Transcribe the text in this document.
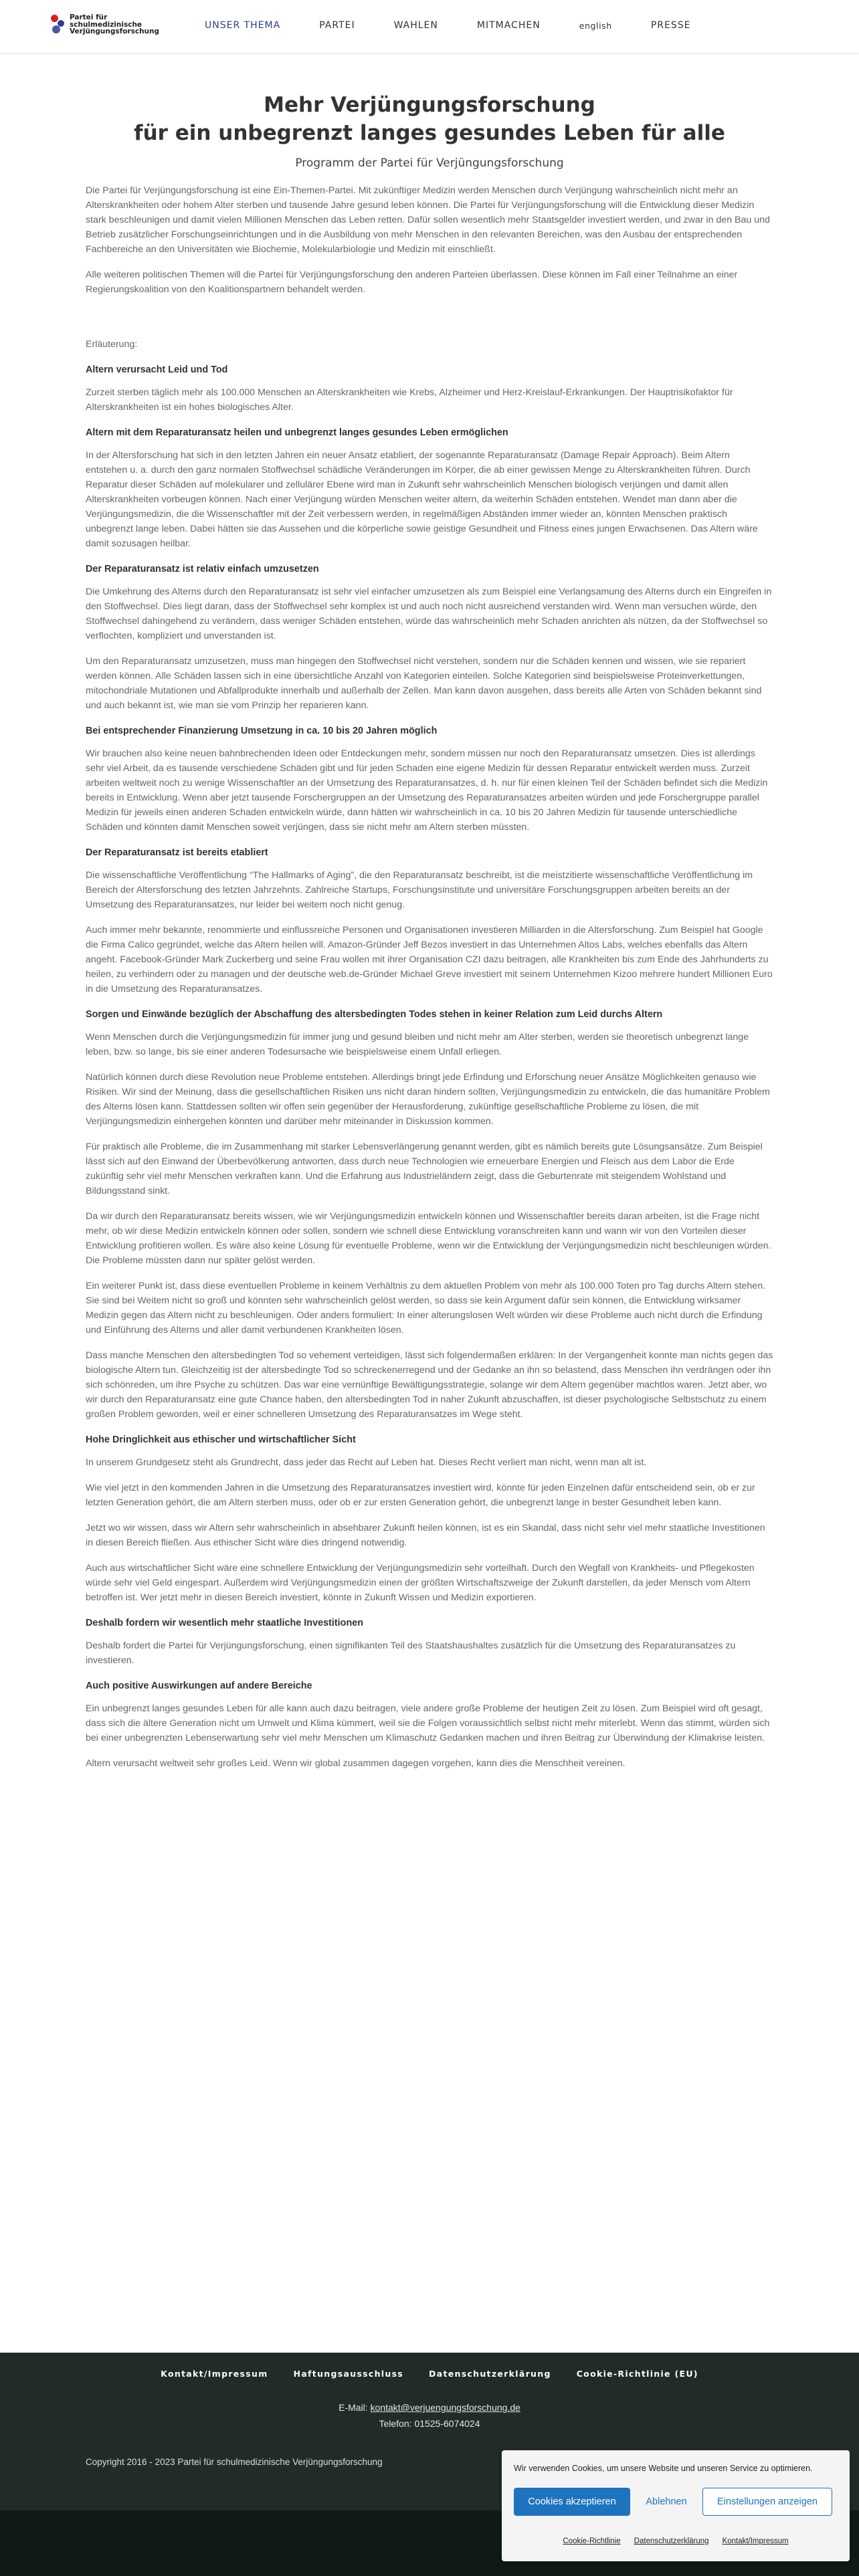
Partei für
schulmedizinische
Verjüngungsforschung
UNSER THEMA	PARTEI	WAHLEN	MITMACHEN	english	PRESSE
Mehr Verjüngungsforschung
für ein unbegrenzt langes gesundes Leben für alle
Programm der Partei für Verjüngungsforschung

Die Partei für Verjüngungsforschung ist eine Ein-Themen-Partei. Mit zukünftiger Medizin werden Menschen durch Verjüngung wahrscheinlich nicht mehr an Alterskrankheiten oder hohem Alter sterben und tausende Jahre gesund leben können. Die Partei für Verjüngungsforschung will die Entwicklung dieser Medizin stark beschleunigen und damit vielen Millionen Menschen das Leben retten. Dafür sollen wesentlich mehr Staatsgelder investiert werden, und zwar in den Bau und Betrieb zusätzlicher Forschungseinrichtungen und in die Ausbildung von mehr Menschen in den relevanten Bereichen, was den Ausbau der entsprechenden Fachbereiche an den Universitäten wie Biochemie, Molekularbiologie und Medizin mit einschließt.

Alle weiteren politischen Themen will die Partei für Verjüngungsforschung den anderen Parteien überlassen. Diese können im Fall einer Teilnahme an einer Regierungskoalition von den Koalitionspartnern behandelt werden.

Erläuterung:

Altern verursacht Leid und Tod

Zurzeit sterben täglich mehr als 100.000 Menschen an Alterskrankheiten wie Krebs, Alzheimer und Herz-Kreislauf-Erkrankungen. Der Hauptrisikofaktor für Alterskrankheiten ist ein hohes biologisches Alter.

Altern mit dem Reparaturansatz heilen und unbegrenzt langes gesundes Leben ermöglichen

In der Altersforschung hat sich in den letzten Jahren ein neuer Ansatz etabliert, der sogenannte Reparaturansatz (Damage Repair Approach). Beim Altern entstehen u. a. durch den ganz normalen Stoffwechsel schädliche Veränderungen im Körper, die ab einer gewissen Menge zu Alterskrankheiten führen. Durch Reparatur dieser Schäden auf molekularer und zellulärer Ebene wird man in Zukunft sehr wahrscheinlich Menschen biologisch verjüngen und damit allen Alterskrankheiten vorbeugen können. Nach einer Verjüngung würden Menschen weiter altern, da weiterhin Schäden entstehen. Wendet man dann aber die Verjüngungsmedizin, die die Wissenschaftler mit der Zeit verbessern werden, in regelmäßigen Abständen immer wieder an, könnten Menschen praktisch unbegrenzt lange leben. Dabei hätten sie das Aussehen und die körperliche sowie geistige Gesundheit und Fitness eines jungen Erwachsenen. Das Altern wäre damit sozusagen heilbar.

Der Reparaturansatz ist relativ einfach umzusetzen

Die Umkehrung des Alterns durch den Reparaturansatz ist sehr viel einfacher umzusetzen als zum Beispiel eine Verlangsamung des Alterns durch ein Eingreifen in den Stoffwechsel. Dies liegt daran, dass der Stoffwechsel sehr komplex ist und auch noch nicht ausreichend verstanden wird. Wenn man versuchen würde, den Stoffwechsel dahingehend zu verändern, dass weniger Schäden entstehen, würde das wahrscheinlich mehr Schaden anrichten als nützen, da der Stoffwechsel so verflochten, kompliziert und unverstanden ist.

Um den Reparaturansatz umzusetzen, muss man hingegen den Stoffwechsel nicht verstehen, sondern nur die Schäden kennen und wissen, wie sie repariert werden können. Alle Schäden lassen sich in eine übersichtliche Anzahl von Kategorien einteilen. Solche Kategorien sind beispielsweise Proteinverkettungen, mitochondriale Mutationen und Abfallprodukte innerhalb und außerhalb der Zellen. Man kann davon ausgehen, dass bereits alle Arten von Schäden bekannt sind und auch bekannt ist, wie man sie vom Prinzip her reparieren kann.

Bei entsprechender Finanzierung Umsetzung in ca. 10 bis 20 Jahren möglich

Wir brauchen also keine neuen bahnbrechenden Ideen oder Entdeckungen mehr, sondern müssen nur noch den Reparaturansatz umsetzen. Dies ist allerdings sehr viel Arbeit, da es tausende verschiedene Schäden gibt und für jeden Schaden eine eigene Medizin für dessen Reparatur entwickelt werden muss. Zurzeit arbeiten weltweit noch zu wenige Wissenschaftler an der Umsetzung des Reparaturansatzes, d. h. nur für einen kleinen Teil der Schäden befindet sich die Medizin bereits in Entwicklung. Wenn aber jetzt tausende Forschergruppen an der Umsetzung des Reparaturansatzes arbeiten würden und jede Forschergruppe parallel Medizin für jeweils einen anderen Schaden entwickeln würde, dann hätten wir wahrscheinlich in ca. 10 bis 20 Jahren Medizin für tausende unterschiedliche Schäden und könnten damit Menschen soweit verjüngen, dass sie nicht mehr am Altern sterben müssten.

Der Reparaturansatz ist bereits etabliert

Die wissenschaftliche Veröffentlichung “The Hallmarks of Aging”, die den Reparaturansatz beschreibt, ist die meistzitierte wissenschaftliche Veröffentlichung im Bereich der Altersforschung des letzten Jahrzehnts. Zahlreiche Startups, Forschungsinstitute und universitäre Forschungsgruppen arbeiten bereits an der Umsetzung des Reparaturansatzes, nur leider bei weitem noch nicht genug.

Auch immer mehr bekannte, renommierte und einflussreiche Personen und Organisationen investieren Milliarden in die Altersforschung. Zum Beispiel hat Google die Firma Calico gegründet, welche das Altern heilen will. Amazon-Gründer Jeff Bezos investiert in das Unternehmen Altos Labs, welches ebenfalls das Altern angeht. Facebook-Gründer Mark Zuckerberg und seine Frau wollen mit ihrer Organisation CZI dazu beitragen, alle Krankheiten bis zum Ende des Jahrhunderts zu heilen, zu verhindern oder zu managen und der deutsche web.de-Gründer Michael Greve investiert mit seinem Unternehmen Kizoo mehrere hundert Millionen Euro in die Umsetzung des Reparaturansatzes.

Sorgen und Einwände bezüglich der Abschaffung des altersbedingten Todes stehen in keiner Relation zum Leid durchs Altern

Wenn Menschen durch die Verjüngungsmedizin für immer jung und gesund bleiben und nicht mehr am Alter sterben, werden sie theoretisch unbegrenzt lange leben, bzw. so lange, bis sie einer anderen Todesursache wie beispielsweise einem Unfall erliegen.

Natürlich können durch diese Revolution neue Probleme entstehen. Allerdings bringt jede Erfindung und Erforschung neuer Ansätze Möglichkeiten genauso wie Risiken. Wir sind der Meinung, dass die gesellschaftlichen Risiken uns nicht daran hindern sollten, Verjüngungsmedizin zu entwickeln, die das humanitäre Problem des Alterns lösen kann. Stattdessen sollten wir offen sein gegenüber der Herausforderung, zukünftige gesellschaftliche Probleme zu lösen, die mit Verjüngungsmedizin einhergehen könnten und darüber mehr miteinander in Diskussion kommen.

Für praktisch alle Probleme, die im Zusammenhang mit starker Lebensverlängerung genannt werden, gibt es nämlich bereits gute Lösungsansätze. Zum Beispiel lässt sich auf den Einwand der Überbevölkerung antworten, dass durch neue Technologien wie erneuerbare Energien und Fleisch aus dem Labor die Erde zukünftig sehr viel mehr Menschen verkraften kann. Und die Erfahrung aus Industrieländern zeigt, dass die Geburtenrate mit steigendem Wohlstand und Bildungsstand sinkt.

Da wir durch den Reparaturansatz bereits wissen, wie wir Verjüngungsmedizin entwickeln können und Wissenschaftler bereits daran arbeiten, ist die Frage nicht mehr, ob wir diese Medizin entwickeln können oder sollen, sondern wie schnell diese Entwicklung voranschreiten kann und wann wir von den Vorteilen dieser Entwicklung profitieren wollen. Es wäre also keine Lösung für eventuelle Probleme, wenn wir die Entwicklung der Verjüngungsmedizin nicht beschleunigen würden. Die Probleme müssten dann nur später gelöst werden.

Ein weiterer Punkt ist, dass diese eventuellen Probleme in keinem Verhältnis zu dem aktuellen Problem von mehr als 100.000 Toten pro Tag durchs Altern stehen. Sie sind bei Weitem nicht so groß und könnten sehr wahrscheinlich gelöst werden, so dass sie kein Argument dafür sein können, die Entwicklung wirksamer Medizin gegen das Altern nicht zu beschleunigen. Oder anders formuliert: In einer alterungslosen Welt würden wir diese Probleme auch nicht durch die Erfindung und Einführung des Alterns und aller damit verbundenen Krankheiten lösen.

Dass manche Menschen den altersbedingten Tod so vehement verteidigen, lässt sich folgendermaßen erklären: In der Vergangenheit konnte man nichts gegen das biologische Altern tun. Gleichzeitig ist der altersbedingte Tod so schreckenerregend und der Gedanke an ihn so belastend, dass Menschen ihn verdrängen oder ihn sich schönreden, um ihre Psyche zu schützen. Das war eine vernünftige Bewältigungsstrategie, solange wir dem Altern gegenüber machtlos waren. Jetzt aber, wo wir durch den Reparaturansatz eine gute Chance haben, den altersbedingten Tod in naher Zukunft abzuschaffen, ist dieser psychologische Selbstschutz zu einem großen Problem geworden, weil er einer schnelleren Umsetzung des Reparaturansatzes im Wege steht.

Hohe Dringlichkeit aus ethischer und wirtschaftlicher Sicht

In unserem Grundgesetz steht als Grundrecht, dass jeder das Recht auf Leben hat. Dieses Recht verliert man nicht, wenn man alt ist.

Wie viel jetzt in den kommenden Jahren in die Umsetzung des Reparaturansatzes investiert wird, könnte für jeden Einzelnen dafür entscheidend sein, ob er zur letzten Generation gehört, die am Altern sterben muss, oder ob er zur ersten Generation gehört, die unbegrenzt lange in bester Gesundheit leben kann.

Jetzt wo wir wissen, dass wir Altern sehr wahrscheinlich in absehbarer Zukunft heilen können, ist es ein Skandal, dass nicht sehr viel mehr staatliche Investitionen in diesen Bereich fließen. Aus ethischer Sicht wäre dies dringend notwendig.

Auch aus wirtschaftlicher Sicht wäre eine schnellere Entwicklung der Verjüngungsmedizin sehr vorteilhaft. Durch den Wegfall von Krankheits- und Pflegekosten würde sehr viel Geld eingespart. Außerdem wird Verjüngungsmedizin einen der größten Wirtschaftszweige der Zukunft darstellen, da jeder Mensch vom Altern betroffen ist. Wer jetzt mehr in diesen Bereich investiert, könnte in Zukunft Wissen und Medizin exportieren.

Deshalb fordern wir wesentlich mehr staatliche Investitionen

Deshalb fordert die Partei für Verjüngungsforschung, einen signifikanten Teil des Staatshaushaltes zusätzlich für die Umsetzung des Reparaturansatzes zu investieren.

Auch positive Auswirkungen auf andere Bereiche

Ein unbegrenzt langes gesundes Leben für alle kann auch dazu beitragen, viele andere große Probleme der heutigen Zeit zu lösen. Zum Beispiel wird oft gesagt, dass sich die ältere Generation nicht um Umwelt und Klima kümmert, weil sie die Folgen voraussichtlich selbst nicht mehr miterlebt. Wenn das stimmt, würden sich bei einer unbegrenzten Lebenserwartung sehr viel mehr Menschen um Klimaschutz Gedanken machen und ihren Beitrag zur Überwindung der Klimakrise leisten.

Altern verursacht weltweit sehr großes Leid. Wenn wir global zusammen dagegen vorgehen, kann dies die Menschheit vereinen.

Kontakt/Impressum	Haftungsausschluss	Datenschutzerklärung	Cookie-Richtlinie (EU)
E-Mail: kontakt@verjuengungsforschung.de
Telefon: 01525-6074024
Copyright 2016 - 2023 Partei für schulmedizinische Verjüngungsforschung
Wir verwenden Cookies, um unsere Website und unseren Service zu optimieren.
Cookies akzeptieren	Ablehnen	Einstellungen anzeigen
Cookie-Richtlinie Datenschutzerklärung Kontakt/Impressum
